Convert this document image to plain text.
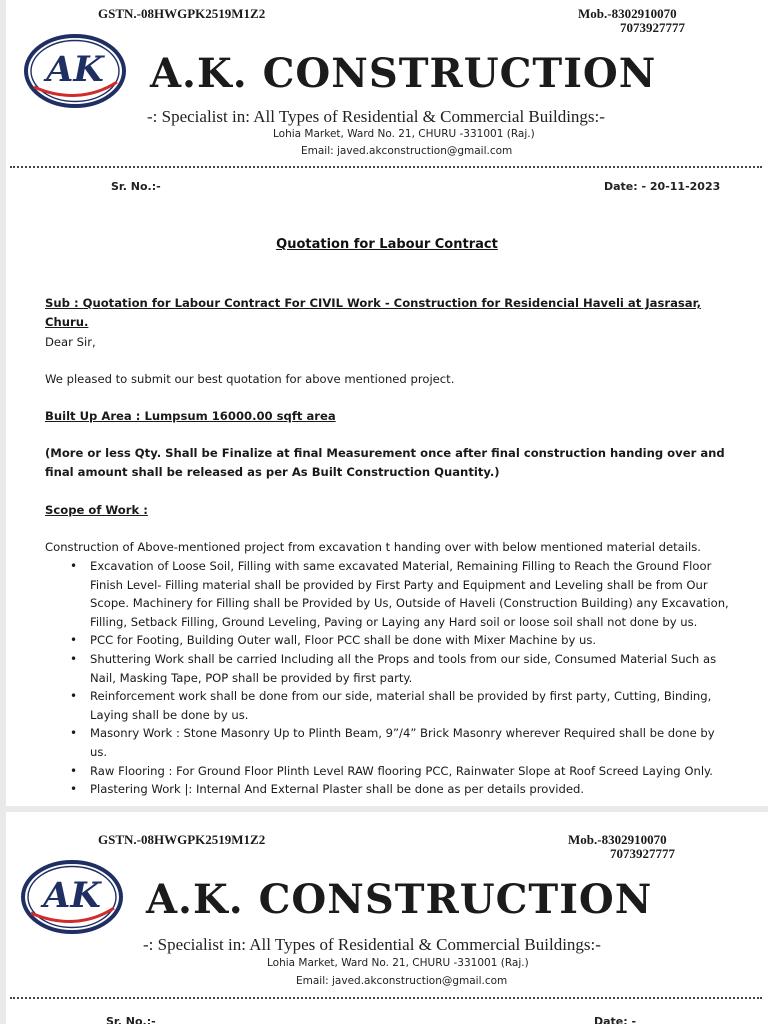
GSTN.-08HWGPK2519M1Z2	Mob.-8302910070
7073927777
AK A.K. CONSTRUCTION
-: Specialist in: All Types of Residential & Commercial Buildings:-
Lohia Market, Ward No. 21, CHURU -331001 (Raj.)
Email: javed.akconstruction@gmail.com
Sr. No.:-	Date: - 20-11-2023
Quotation for Labour Contract
Sub : Quotation for Labour Contract For CIVIL Work - Construction for Residencial Haveli at Jasrasar, Churu.
Dear Sir,
We pleased to submit our best quotation for above mentioned project.
Built Up Area : Lumpsum 16000.00 sqft area
(More or less Qty. Shall be Finalize at final Measurement once after final construction handing over and final amount shall be released as per As Built Construction Quantity.)
Scope of Work :
Construction of Above-mentioned project from excavation t handing over with below mentioned material details.
• Excavation of Loose Soil, Filling with same excavated Material, Remaining Filling to Reach the Ground Floor Finish Level- Filling material shall be provided by First Party and Equipment and Leveling shall be from Our Scope. Machinery for Filling shall be Provided by Us, Outside of Haveli (Construction Building) any Excavation, Filling, Setback Filling, Ground Leveling, Paving or Laying any Hard soil or loose soil shall not done by us.
• PCC for Footing, Building Outer wall, Floor PCC shall be done with Mixer Machine by us.
• Shuttering Work shall be carried Including all the Props and tools from our side, Consumed Material Such as Nail, Masking Tape, POP shall be provided by first party.
• Reinforcement work shall be done from our side, material shall be provided by first party, Cutting, Binding, Laying shall be done by us.
• Masonry Work : Stone Masonry Up to Plinth Beam, 9”/4” Brick Masonry wherever Required shall be done by us.
• Raw Flooring : For Ground Floor Plinth Level RAW flooring PCC, Rainwater Slope at Roof Screed Laying Only.
• Plastering Work |: Internal And External Plaster shall be done as per details provided.
GSTN.-08HWGPK2519M1Z2	Mob.-8302910070
7073927777
AK A.K. CONSTRUCTION
-: Specialist in: All Types of Residential & Commercial Buildings:-
Lohia Market, Ward No. 21, CHURU -331001 (Raj.)
Email: javed.akconstruction@gmail.com
Sr. No.:-	Date: -
